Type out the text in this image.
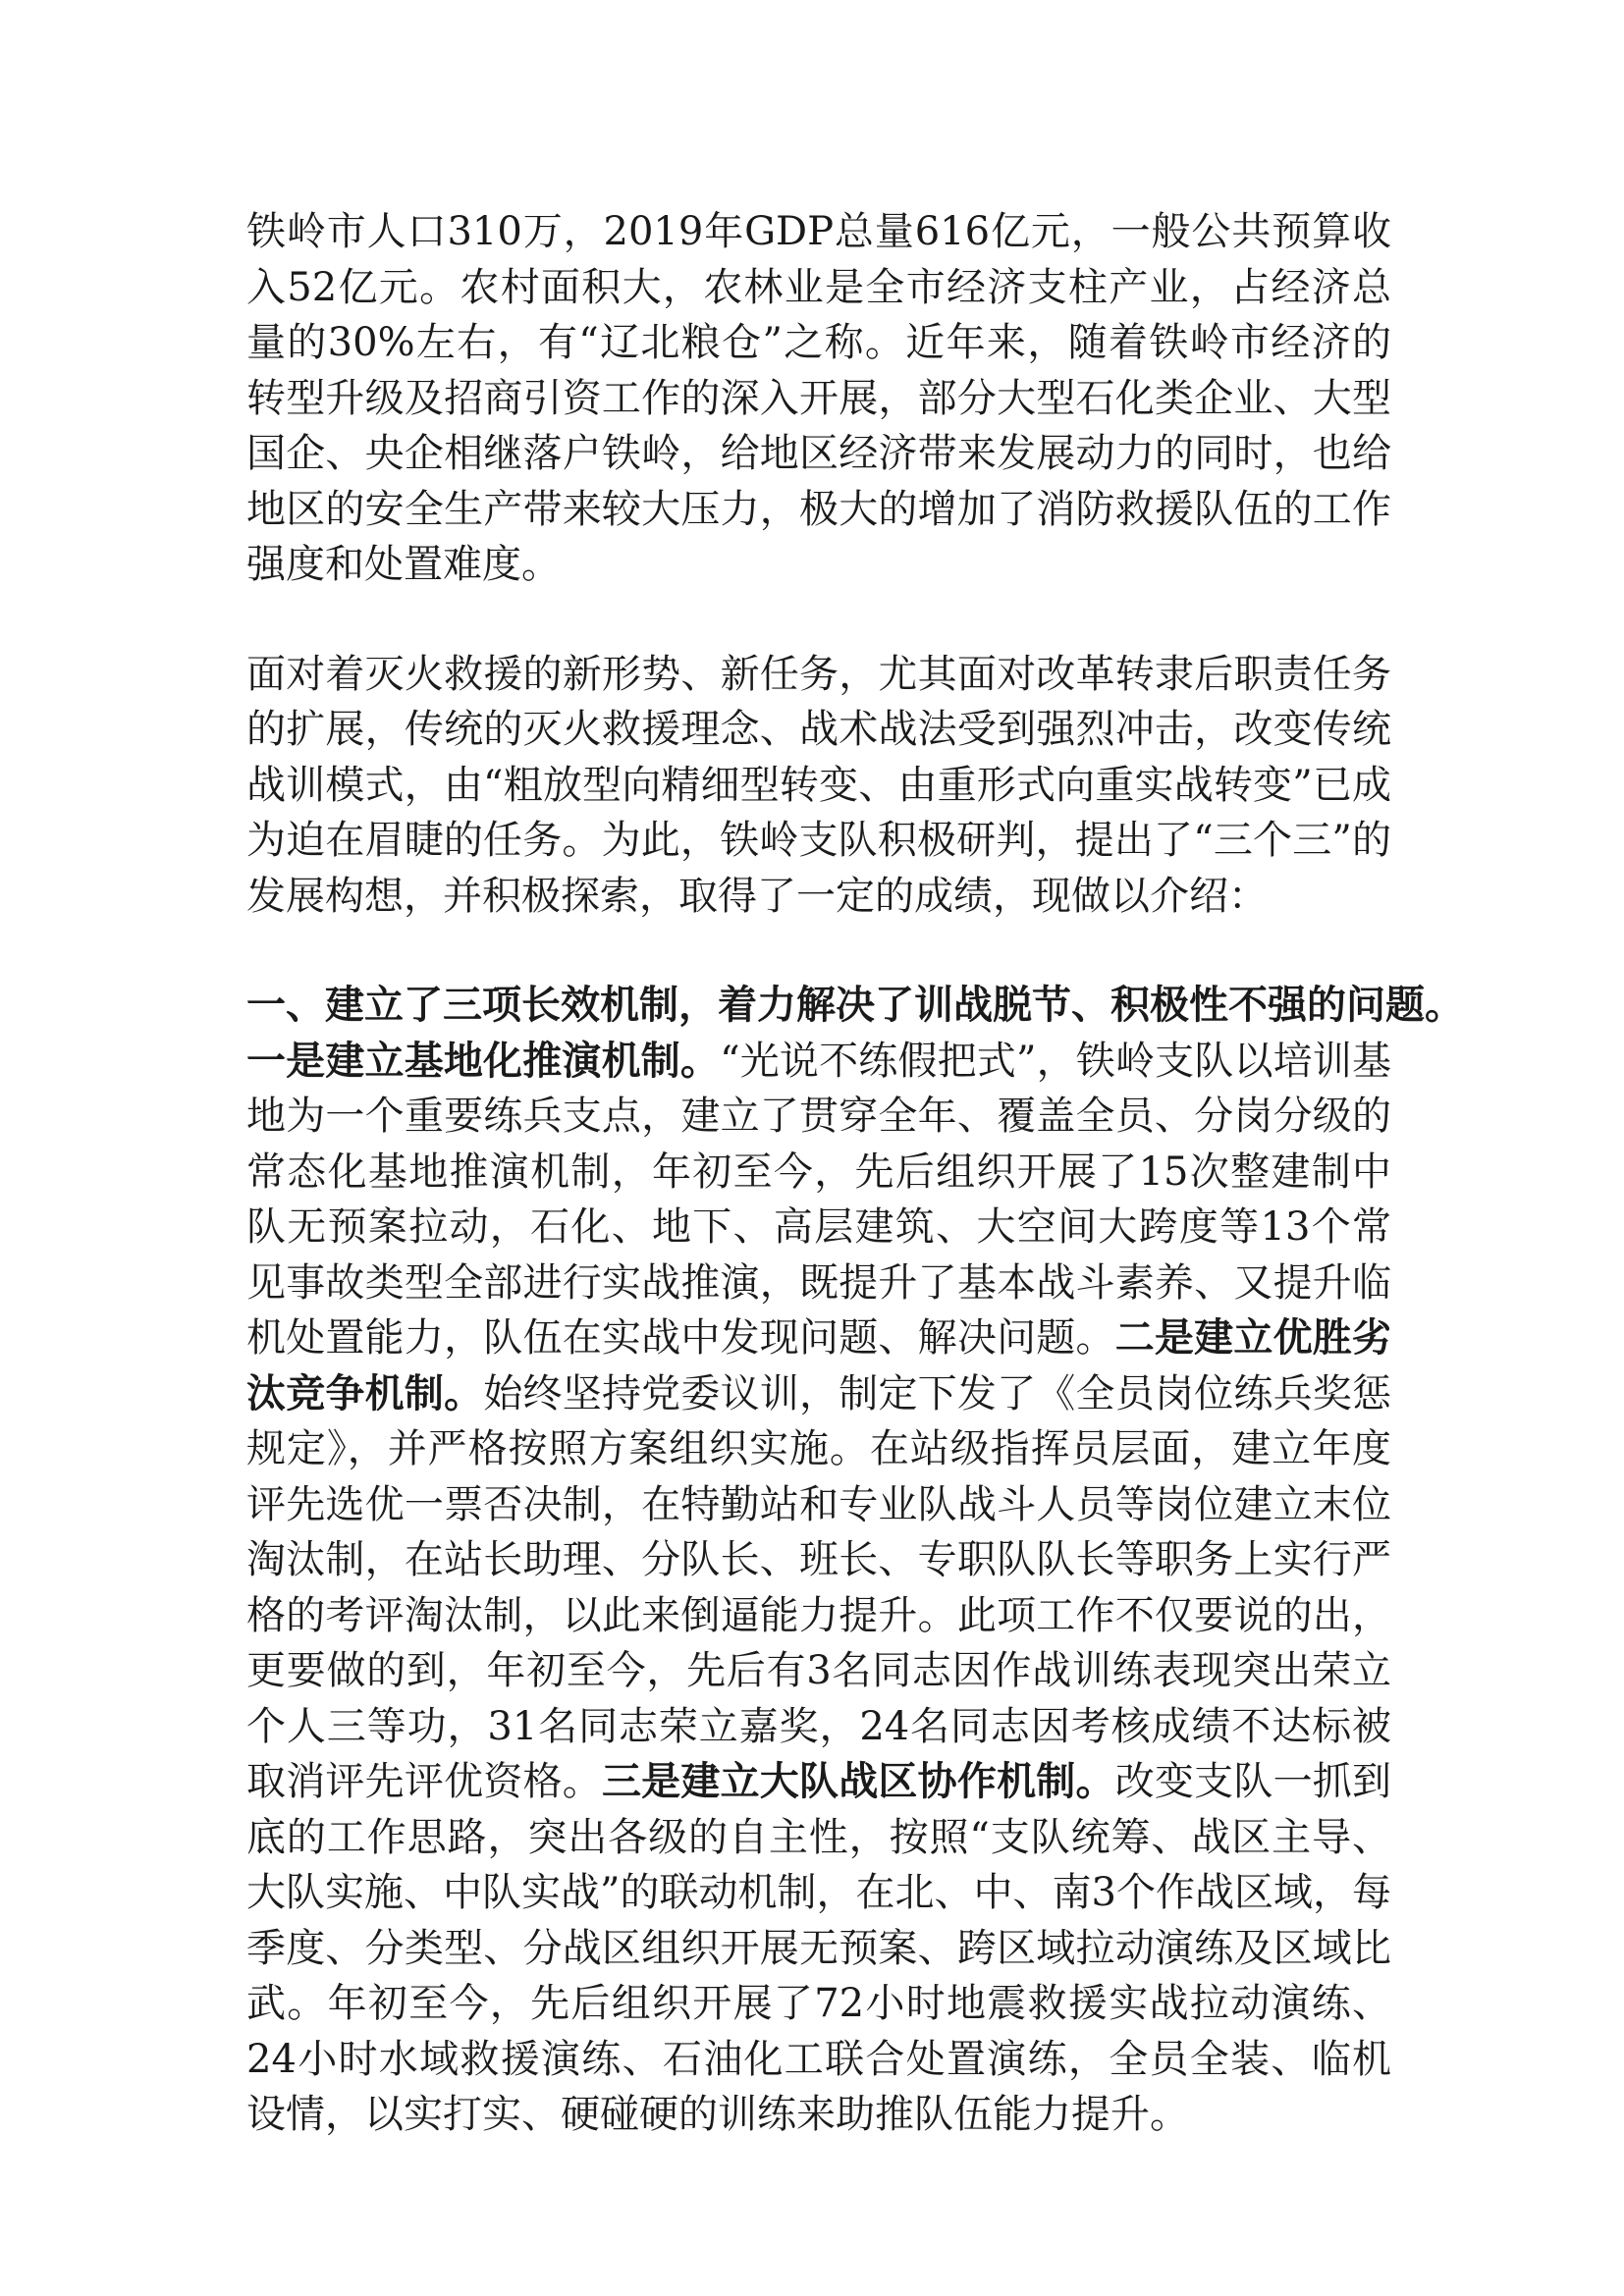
铁岭市人口310万，2019年GDP总量616亿元，一般公共预算收入52亿元。农村面积大，农林业是全市经济支柱产业，占经济总量的30%左右，有“辽北粮仓”之称。近年来，随着铁岭市经济的转型升级及招商引资工作的深入开展，部分大型石化类企业、大型国企、央企相继落户铁岭，给地区经济带来发展动力的同时，也给地区的安全生产带来较大压力，极大的增加了消防救援队伍的工作强度和处置难度。

面对着灭火救援的新形势、新任务，尤其面对改革转隶后职责任务的扩展，传统的灭火救援理念、战术战法受到强烈冲击，改变传统战训模式，由“粗放型向精细型转变、由重形式向重实战转变”已成为迫在眉睫的任务。为此，铁岭支队积极研判，提出了“三个三”的发展构想，并积极探索，取得了一定的成绩，现做以介绍：

一、建立了三项长效机制，着力解决了训战脱节、积极性不强的问题。

一是建立基地化推演机制。“光说不练假把式”，铁岭支队以培训基地为一个重要练兵支点，建立了贯穿全年、覆盖全员、分岗分级的常态化基地推演机制，年初至今，先后组织开展了15次整建制中队无预案拉动，石化、地下、高层建筑、大空间大跨度等13个常见事故类型全部进行实战推演，既提升了基本战斗素养、又提升临机处置能力，队伍在实战中发现问题、解决问题。二是建立优胜劣汰竞争机制。始终坚持党委议训，制定下发了《全员岗位练兵奖惩规定》，并严格按照方案组织实施。在站级指挥员层面，建立年度评先选优一票否决制，在特勤站和专业队战斗人员等岗位建立末位淘汰制，在站长助理、分队长、班长、专职队队长等职务上实行严格的考评淘汰制，以此来倒逼能力提升。此项工作不仅要说的出，更要做的到，年初至今，先后有3名同志因作战训练表现突出荣立个人三等功，31名同志荣立嘉奖，24名同志因考核成绩不达标被取消评先评优资格。三是建立大队战区协作机制。改变支队一抓到底的工作思路，突出各级的自主性，按照“支队统筹、战区主导、大队实施、中队实战”的联动机制，在北、中、南3个作战区域，每季度、分类型、分战区组织开展无预案、跨区域拉动演练及区域比武。年初至今，先后组织开展了72小时地震救援实战拉动演练、24小时水域救援演练、石油化工联合处置演练，全员全装、临机设情，以实打实、硬碰硬的训练来助推队伍能力提升。
